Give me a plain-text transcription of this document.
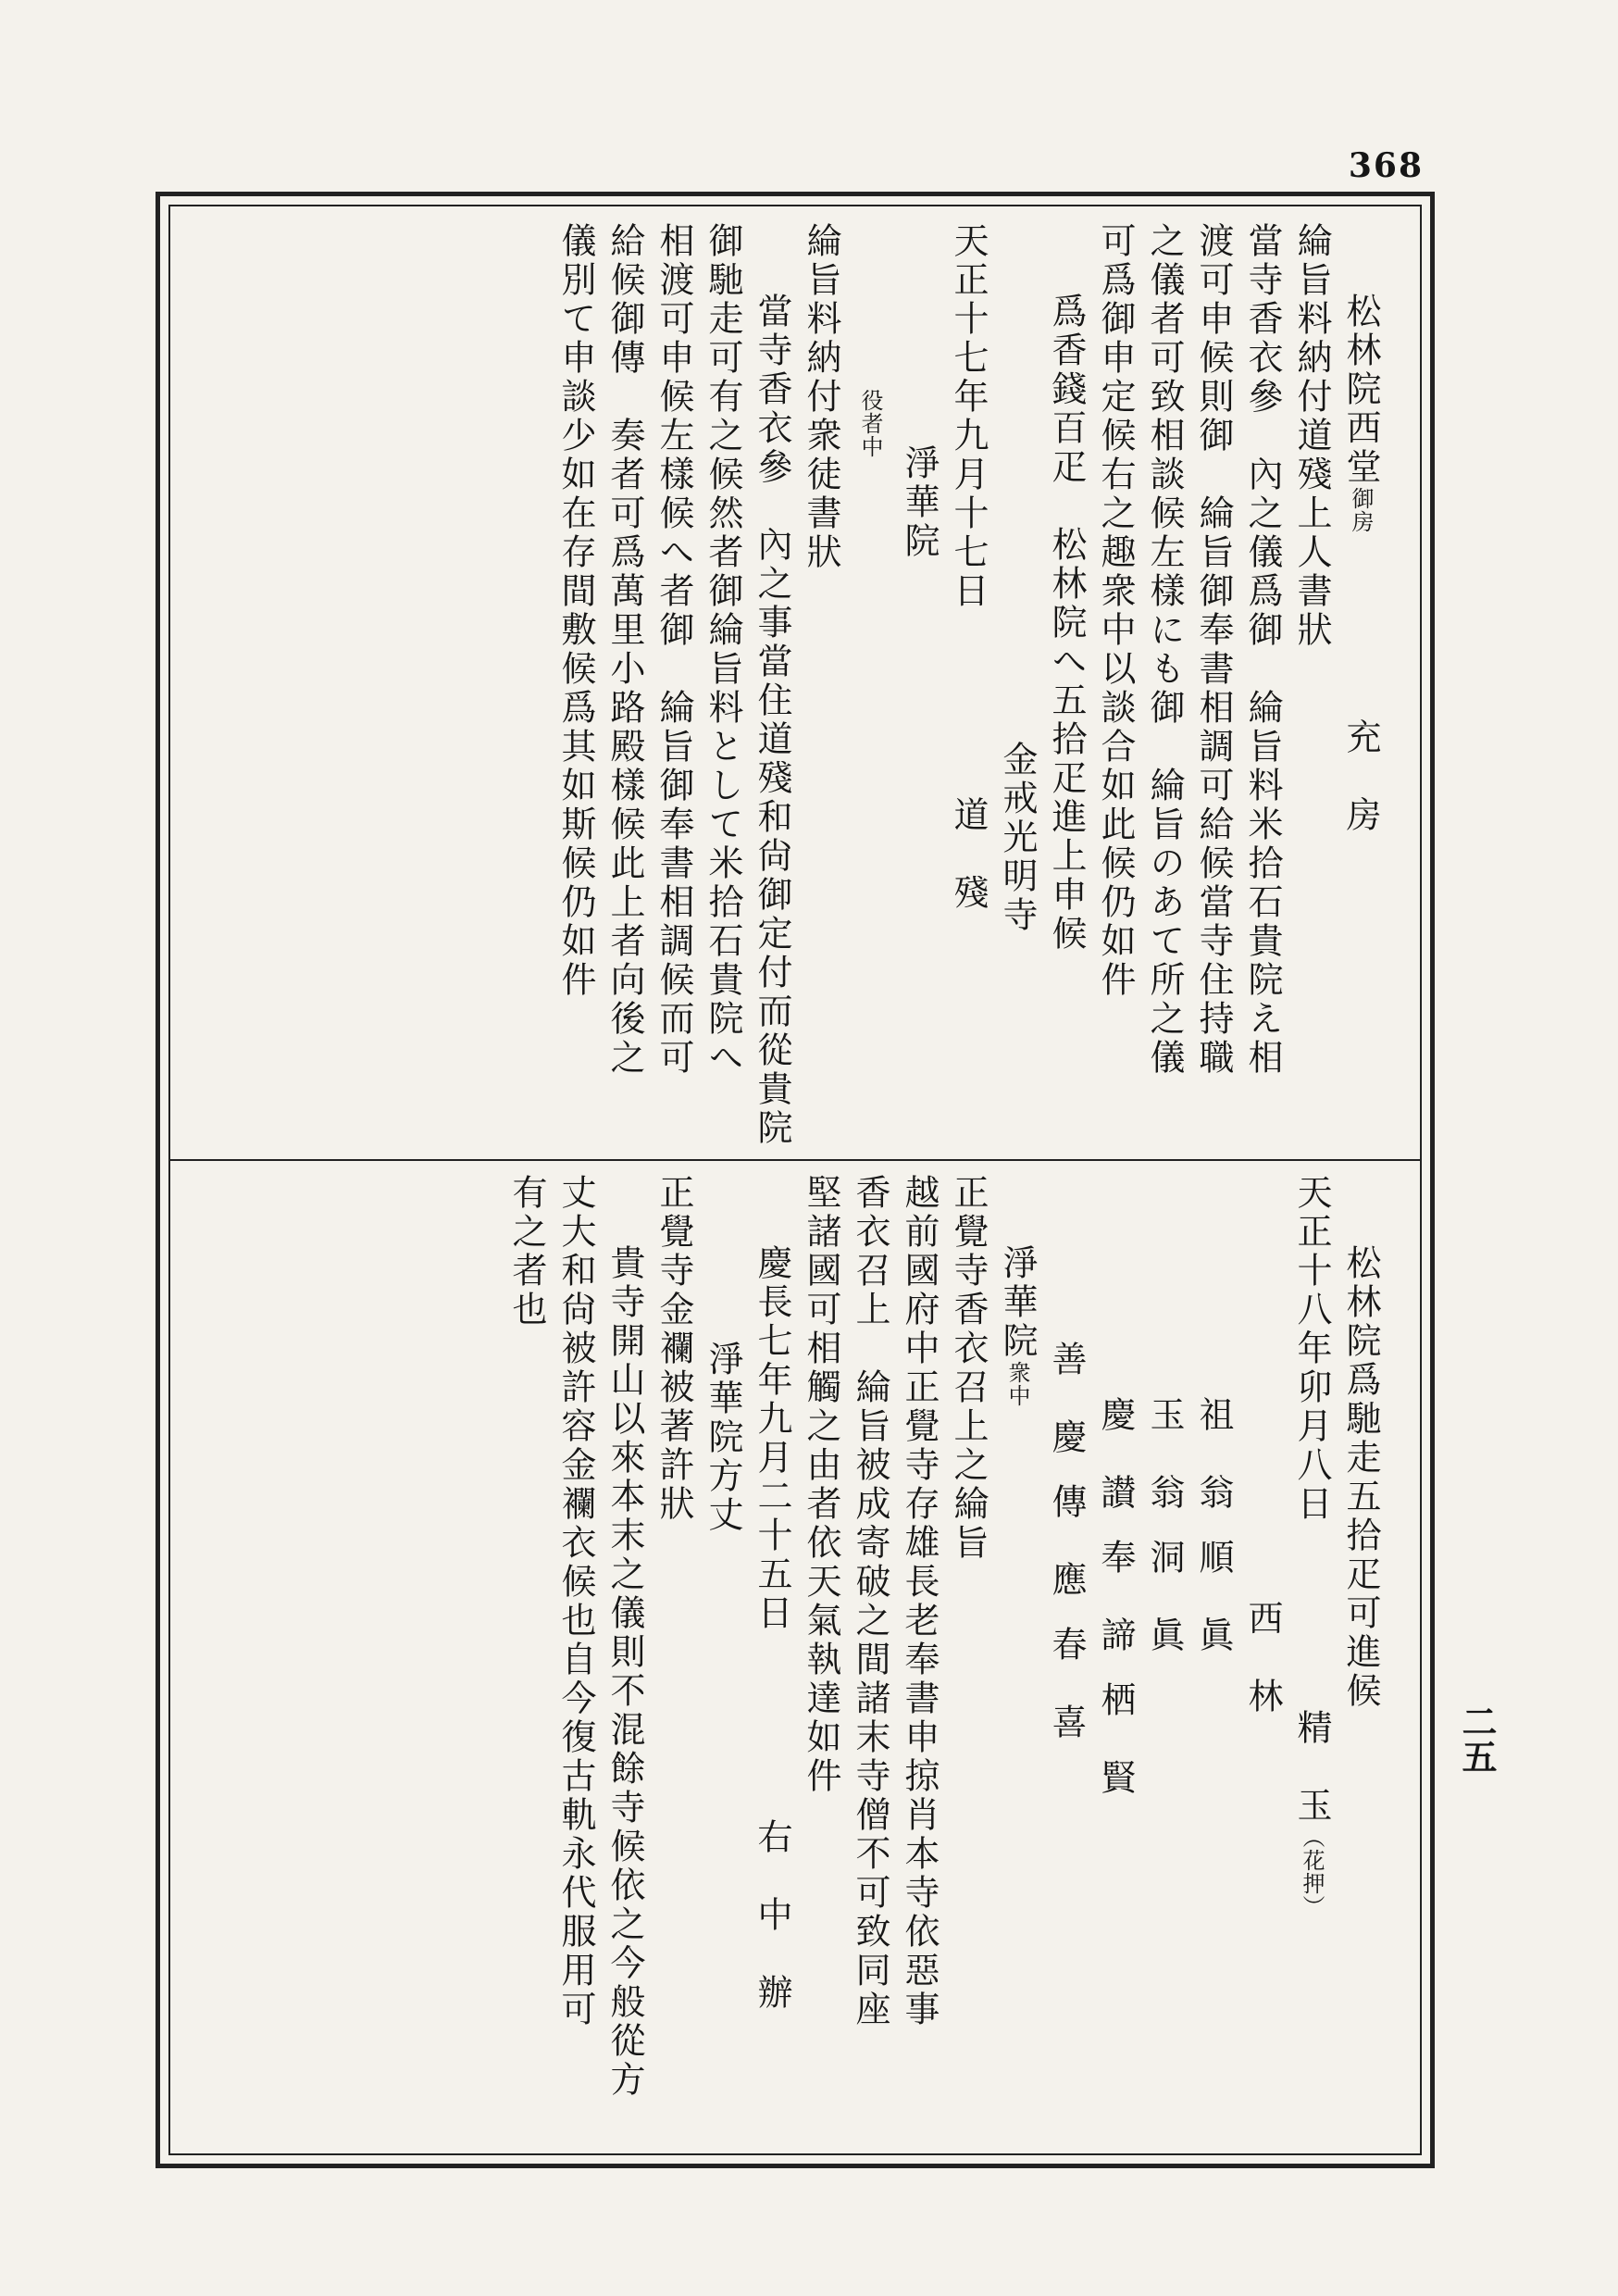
368
二五
松林院西堂御房充　房
綸旨料納付道殘上人書狀
當寺香衣參　內之儀爲御　綸旨料米拾石貴院え相
渡可申候則御　綸旨御奉書相調可給候當寺住持職
之儀者可致相談候左樣にも御　綸旨のあて所之儀
可爲御申定候右之趣衆中以談合如此候仍如件
爲香錢百疋　松林院へ五拾疋進上申候
金戒光明寺
天正十七年九月十七日道　殘
淨華院
役者中
綸旨料納付衆徒書狀
當寺香衣參　內之事當住道殘和尙御定付而從貴院
御馳走可有之候然者御綸旨料として米拾石貴院へ
相渡可申候左樣候へ者御　綸旨御奉書相調候而可
給候御傳　奏者可爲萬里小路殿樣候此上者向後之
儀別て申談少如在存間敷候爲其如斯候仍如件
松林院爲馳走五拾疋可進候
天正十八年卯月八日精　玉（花押）
西　林
祖　翁順　眞
玉　翁洞　眞
慶　讃奉　諦栖　賢
善　慶傳　應春　喜
淨華院衆中
正覺寺香衣召上之綸旨
越前國府中正覺寺存雄長老奉書申掠肖本寺依惡事
香衣召上　綸旨被成寄破之間諸末寺僧不可致同座
堅諸國可相觸之由者依天氣執達如件
慶長七年九月二十五日右　中　辦
淨華院方丈
正覺寺金襴被著許狀
貴寺開山以來本末之儀則不混餘寺候依之今般從方
丈大和尙被許容金襴衣候也自今復古軌永代服用可
有之者也
